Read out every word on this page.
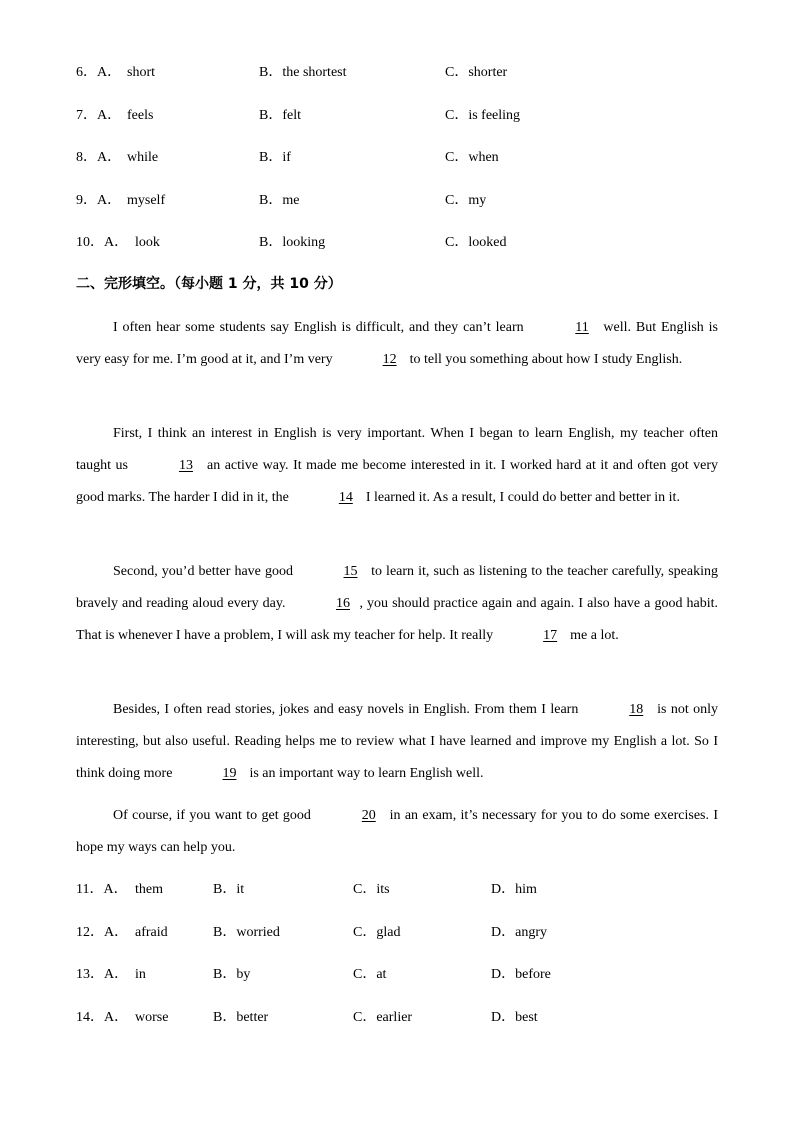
6．A． short	B．the shortest	C．shorter
7．A． feels	B．felt	C．is feeling
8．A． while	B．if	C．when
9．A． myself	B．me	C．my
10．A． look	B．looking	C．looked
二、完形填空。（每小题 1 分，共 10 分）
I often hear some students say English is difficult, and they can’t learn	11 well. But English is very easy for me. I’m good at it, and I’m very	12 to tell you something about how I study English.
First, I think an interest in English is very important. When I began to learn English, my teacher often taught us	13 an active way. It made me become interested in it. I worked hard at it and often got very good marks. The harder I did in it, the	14 I learned it. As a result, I could do better and better in it.
Second, you’d better have good	15 to learn it, such as listening to the teacher carefully, speaking bravely and reading aloud every day.	16 , you should practice again and again. I also have a good habit. That is whenever I have a problem, I will ask my teacher for help. It really	17 me a lot.
Besides, I often read stories, jokes and easy novels in English. From them I learn	18 is not only interesting, but also useful. Reading helps me to review what I have learned and improve my English a lot. So I think doing more	19 is an important way to learn English well.
Of course, if you want to get good	20 in an exam, it’s necessary for you to do some exercises. I hope my ways can help you.
11．A． them	B．it	C．its	D．him
12．A． afraid	B．worried	C．glad	D．angry
13．A． in	B．by	C．at	D．before
14．A． worse	B．better	C．earlier	D．best
